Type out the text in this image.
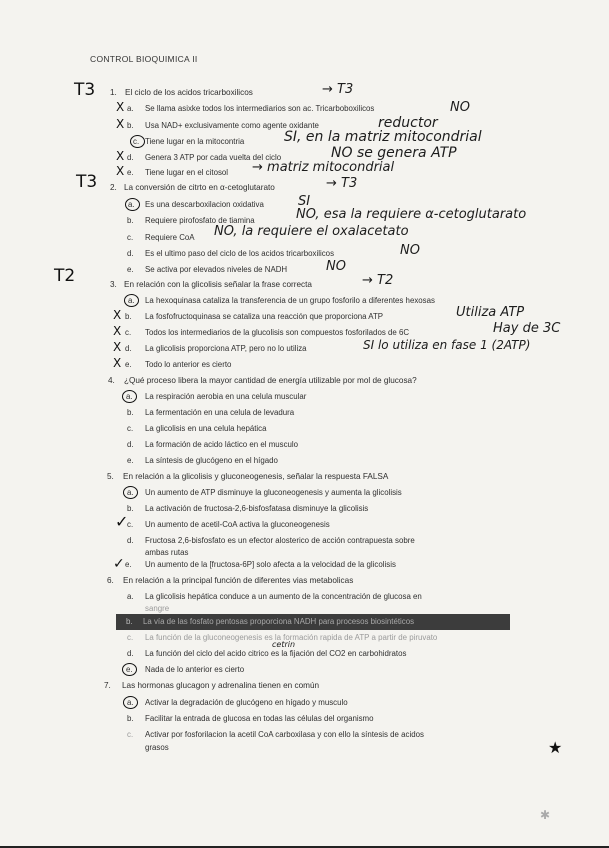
CONTROL BIOQUIMICA II
T3 1. El ciclo de los acidos tricarboxilicos	→ T3
X a. Se llama asixke todos los intermediarios son ac. Tricarboboxilicos	NO
X b. Usa NAD+ exclusivamente como agente oxidante	reductor
c. Tiene lugar en la mitocontria	SI, en la matriz mitocondrial
X d. Genera 3 ATP por cada vuelta del ciclo	NO se genera ATP
X e. Tiene lugar en el citosol → matriz mitocondrial
T3 2. La conversión de citrto en α-cetoglutarato	→ T3
a. Es una descarboxilacion oxidativa	SI
b. Requiere pirofosfato de tiamina	NO, esa la requiere α-cetoglutarato
c. Requiere CoA NO, la requiere el oxalacetato
d. Es el ultimo paso del ciclo de los acidos tricarboxilicos	NO
e. Se activa por elevados niveles de NADH	NO
T2	3. En relación con la glicolisis señalar la frase correcta	→ T2
a. La hexoquinasa cataliza la transferencia de un grupo fosforilo a diferentes hexosas
X b. La fosfofructoquinasa se cataliza una reacción que proporciona ATP	Utiliza ATP
X c. Todos los intermediarios de la glucolisis son compuestos fosforilados de 6C	Hay de 3C
X d. La glicolisis proporciona ATP, pero no lo utiliza	SI lo utiliza en fase 1 (2ATP)
X e. Todo lo anterior es cierto
4. ¿Qué proceso libera la mayor cantidad de energía utilizable por mol de glucosa?
a. La respiración aerobia en una celula muscular
b. La fermentación en una celula de levadura
c. La glicolisis en una celula hepática
d. La formación de acido láctico en el musculo
e. La síntesis de glucógeno en el hígado
5. En relación a la glicolisis y gluconeogenesis, señalar la respuesta FALSA
a. Un aumento de ATP disminuye la gluconeogenesis y aumenta la glicolisis
b. La activación de fructosa-2,6-bisfosfatasa disminuye la glicolisis
✓
c. Un aumento de acetil-CoA activa la gluconeogenesis
d. Fructosa 2,6-bisfosfato es un efector alosterico de acción contrapuesta sobre
ambas rutas
✓ e. Un aumento de la [fructosa-6P] solo afecta a la velocidad de la glicolisis
6. En relación a la principal función de diferentes vias metabolicas
a. La glicolisis hepática conduce a un aumento de la concentración de glucosa en
sangre
b. La vía de las fosfato pentosas proporciona NADH para procesos biosintéticos
c. La función de la gluconeogenesis es la formación rapida de ATP a partir de piruvato
d. La función del ciclo del acido citrico es la fijación del CO2 en carbohidratos
cetrin
e. Nada de lo anterior es cierto
7. Las hormonas glucagon y adrenalina tienen en común
a. Activar la degradación de glucógeno en hígado y musculo
b. Facilitar la entrada de glucosa en todas las células del organismo
c. Activar por fosforilacion la acetil CoA carboxilasa y con ello la síntesis de acidos
grasos	★
✱
